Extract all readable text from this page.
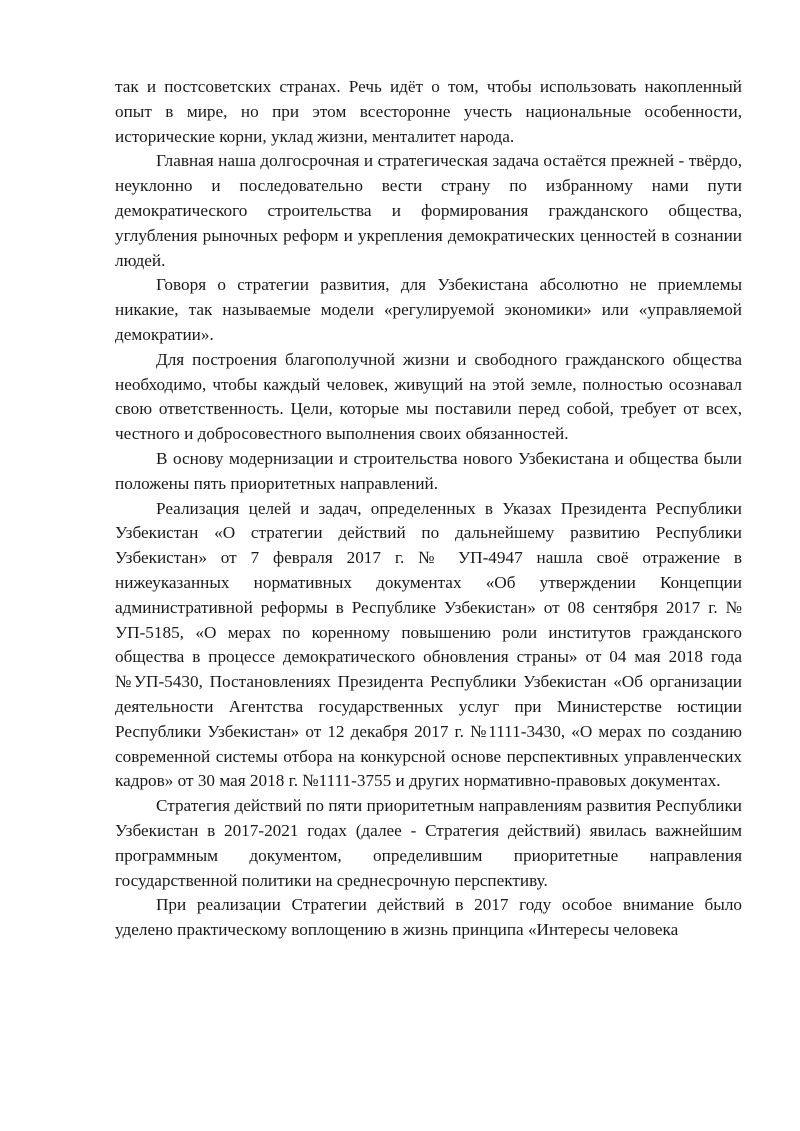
так и постсоветских странах. Речь идёт о том, чтобы использовать накопленный опыт в мире, но при этом всесторонне учесть национальные особенности, исторические корни, уклад жизни, менталитет народа.

Главная наша долгосрочная и стратегическая задача остаётся прежней - твёрдо, неуклонно и последовательно вести страну по избранному нами пути демократического строительства и формирования гражданского общества, углубления рыночных реформ и укрепления демократических ценностей в сознании людей.

Говоря о стратегии развития, для Узбекистана абсолютно не приемлемы никакие, так называемые модели «регулируемой экономики» или «управляемой демократии».

Для построения благополучной жизни и свободного гражданского общества необходимо, чтобы каждый человек, живущий на этой земле, полностью осознавал свою ответственность. Цели, которые мы поставили перед собой, требует от всех, честного и добросовестного выполнения своих обязанностей.

В основу модернизации и строительства нового Узбекистана и общества были положены пять приоритетных направлений.

Реализация целей и задач, определенных в Указах Президента Республики Узбекистан «О стратегии действий по дальнейшему развитию Республики Узбекистан» от 7 февраля 2017 г. № УП-4947 нашла своё отражение в нижеуказанных нормативных документах «Об утверждении Концепции административной реформы в Республике Узбекистан» от 08 сентября 2017 г. № УП-5185, «О мерах по коренному повышению роли институтов гражданского общества в процессе демократического обновления страны» от 04 мая 2018 года №УП-5430, Постановлениях Президента Республики Узбекистан «Об организации деятельности Агентства государственных услуг при Министерстве юстиции Республики Узбекистан» от 12 декабря 2017 г. №1111-3430, «О мерах по созданию современной системы отбора на конкурсной основе перспективных управленческих кадров» от 30 мая 2018 г. №1111-3755 и других нормативно-правовых документах.

Стратегия действий по пяти приоритетным направлениям развития Республики Узбекистан в 2017-2021 годах (далее - Стратегия действий) явилась важнейшим программным документом, определившим приоритетные направления государственной политики на среднесрочную перспективу.

При реализации Стратегии действий в 2017 году особое внимание было уделено практическому воплощению в жизнь принципа «Интересы человека
